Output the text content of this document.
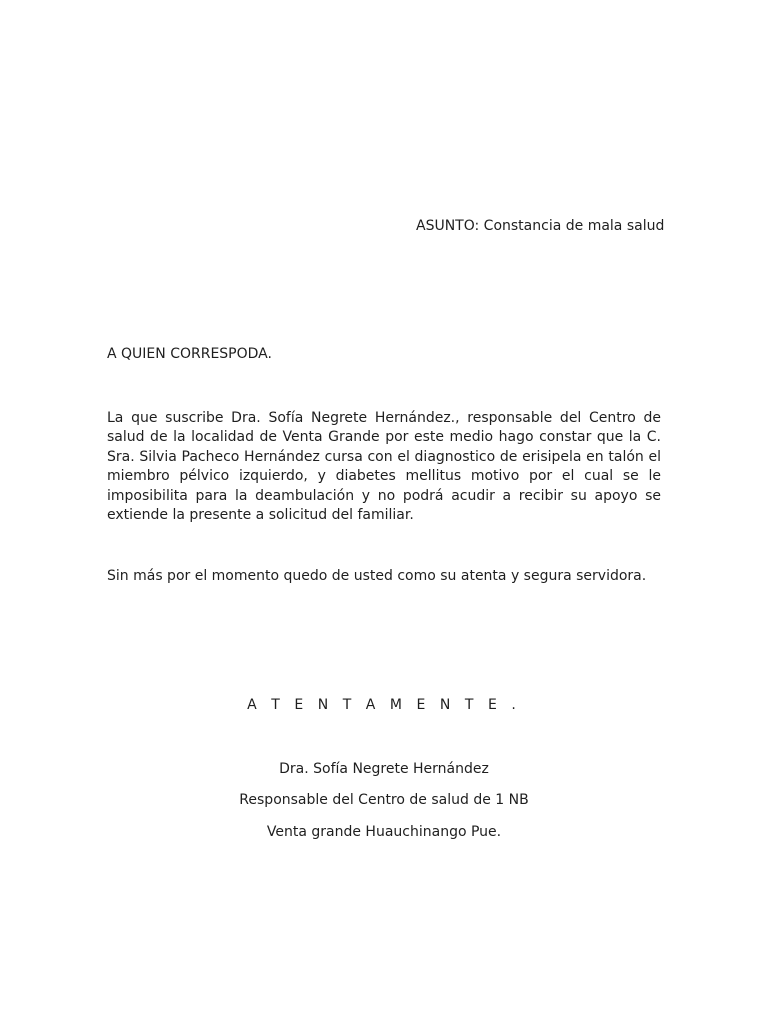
ASUNTO: Constancia de mala salud
A QUIEN CORRESPODA.
La que suscribe Dra. Sofía Negrete Hernández., responsable del Centro de salud de la localidad de Venta Grande por este medio hago constar que la C. Sra. Silvia Pacheco Hernández cursa con el diagnostico de erisipela en talón el miembro pélvico izquierdo, y diabetes mellitus motivo por el cual se le imposibilita para la deambulación y no podrá acudir a recibir su apoyo se extiende la presente a solicitud del familiar.
Sin más por el momento quedo de usted como su atenta y segura servidora.
A T E N T A M E N T E .
Dra. Sofía Negrete Hernández
Responsable del Centro de salud de 1 NB
Venta grande Huauchinango Pue.
